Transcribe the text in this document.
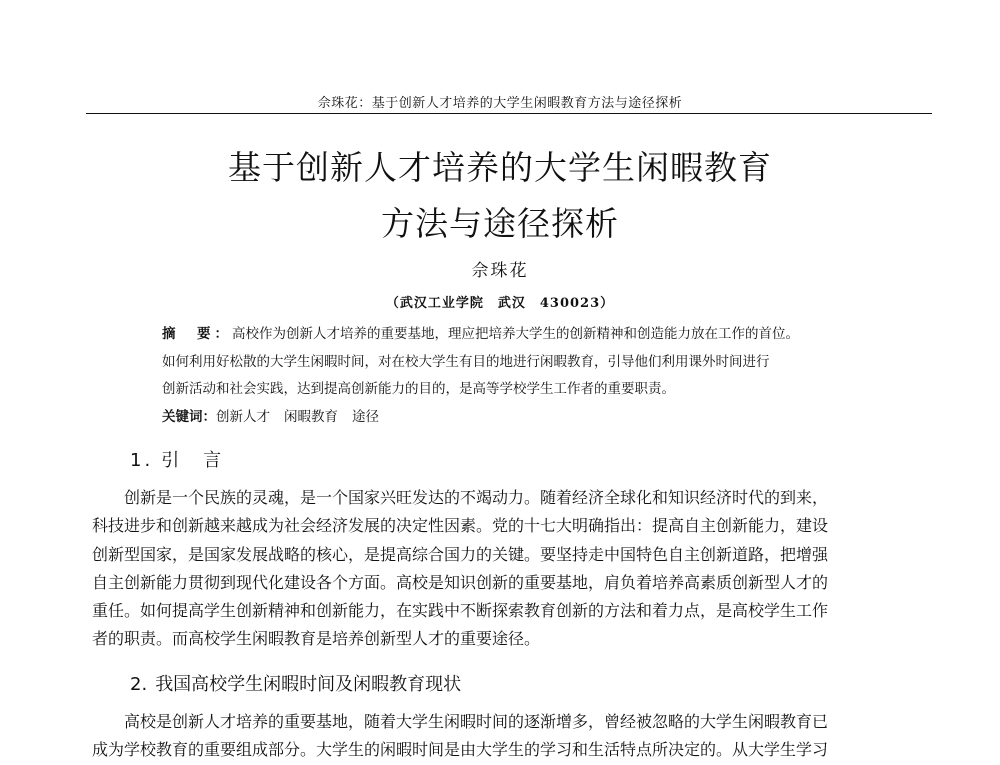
佘珠花：基于创新人才培养的大学生闲暇教育方法与途径探析
基于创新人才培养的大学生闲暇教育
方法与途径探析
佘珠花
（武汉工业学院　武汉　430023）
摘　要：高校作为创新人才培养的重要基地，理应把培养大学生的创新精神和创造能力放在工作的首位。
如何利用好松散的大学生闲暇时间，对在校大学生有目的地进行闲暇教育，引导他们利用课外时间进行
创新活动和社会实践，达到提高创新能力的目的，是高等学校学生工作者的重要职责。
关键词：创新人才 闲暇教育 途径
1. 引　言
创新是一个民族的灵魂，是一个国家兴旺发达的不竭动力。随着经济全球化和知识经济时代的到来，
科技进步和创新越来越成为社会经济发展的决定性因素。党的十七大明确指出：提高自主创新能力，建设
创新型国家，是国家发展战略的核心，是提高综合国力的关键。要坚持走中国特色自主创新道路，把增强
自主创新能力贯彻到现代化建设各个方面。高校是知识创新的重要基地，肩负着培养高素质创新型人才的
重任。如何提高学生创新精神和创新能力，在实践中不断探索教育创新的方法和着力点，是高校学生工作
者的职责。而高校学生闲暇教育是培养创新型人才的重要途径。
2. 我国高校学生闲暇时间及闲暇教育现状
高校是创新人才培养的重要基地，随着大学生闲暇时间的逐渐增多，曾经被忽略的大学生闲暇教育已
成为学校教育的重要组成部分。大学生的闲暇时间是由大学生的学习和生活特点所决定的。从大学生学习
